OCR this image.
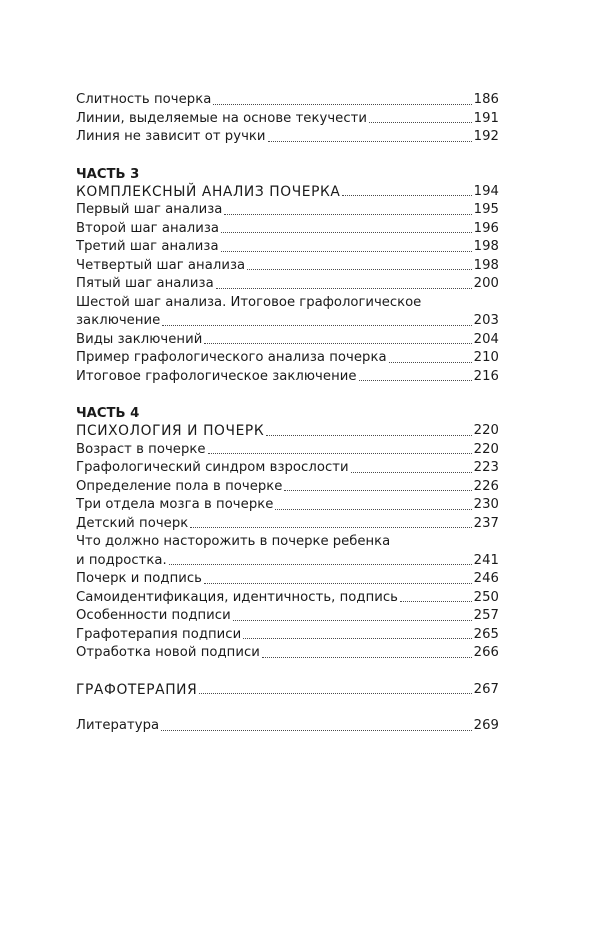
Слитность почерка	186
Линии, выделяемые на основе текучести	191
Линия не зависит от ручки	192
ЧАСТЬ 3
КОМПЛЕКСНЫЙ АНАЛИЗ ПОЧЕРКА	194
Первый шаг анализа	195
Второй шаг анализа	196
Третий шаг анализа	198
Четвертый шаг анализа	198
Пятый шаг анализа	200
Шестой шаг анализа. Итоговое графологическое
заключение	203
Виды заключений	204
Пример графологического анализа почерка	210
Итоговое графологическое заключение	216
ЧАСТЬ 4
ПСИХОЛОГИЯ И ПОЧЕРК	220
Возраст в почерке	220
Графологический синдром взрослости	223
Определение пола в почерке	226
Три отдела мозга в почерке	230
Детский почерк	237
Что должно насторожить в почерке ребенка
и подростка.	241
Почерк и подпись	246
Самоидентификация, идентичность, подпись	250
Особенности подписи	257
Графотерапия подписи	265
Отработка новой подписи	266
ГРАФОТЕРАПИЯ	267
Литература	269
